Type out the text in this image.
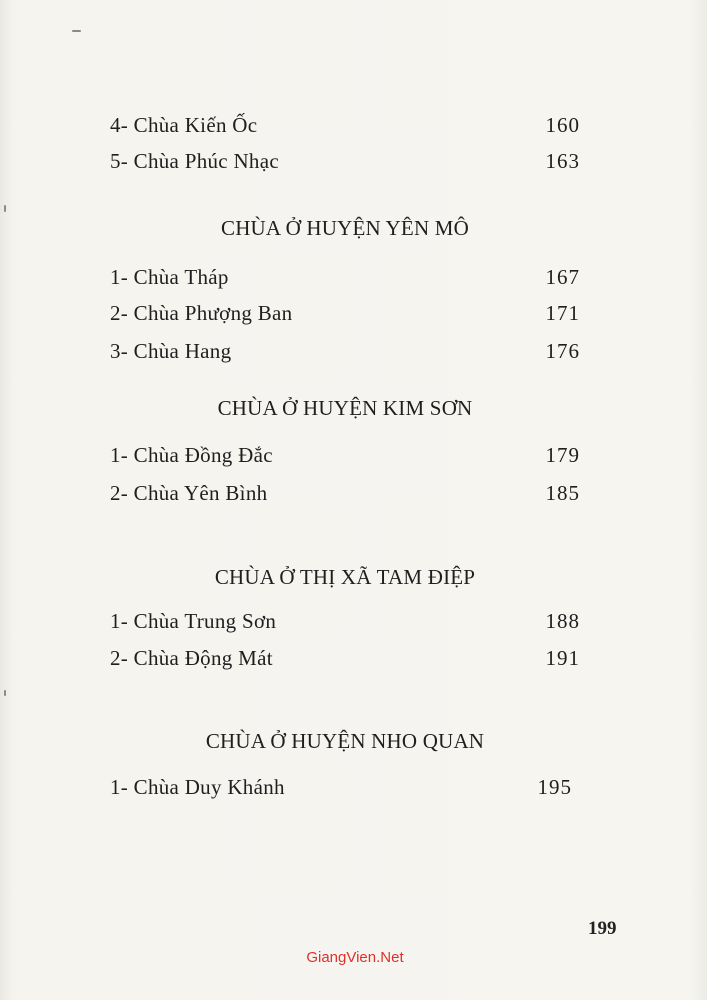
4- Chùa Kiến Ốc	160
5- Chùa Phúc Nhạc	163
CHÙA Ở HUYỆN YÊN MÔ
1- Chùa Tháp	167
2- Chùa Phượng Ban	171
3- Chùa Hang	176
CHÙA Ở HUYỆN KIM SƠN
1- Chùa Đồng Đắc	179
2- Chùa Yên Bình	185
CHÙA Ở THỊ XÃ TAM ĐIỆP
1- Chùa Trung Sơn	188
2- Chùa Động Mát	191
CHÙA Ở HUYỆN NHO QUAN
1- Chùa Duy Khánh	195
199
GiangVien.Net
